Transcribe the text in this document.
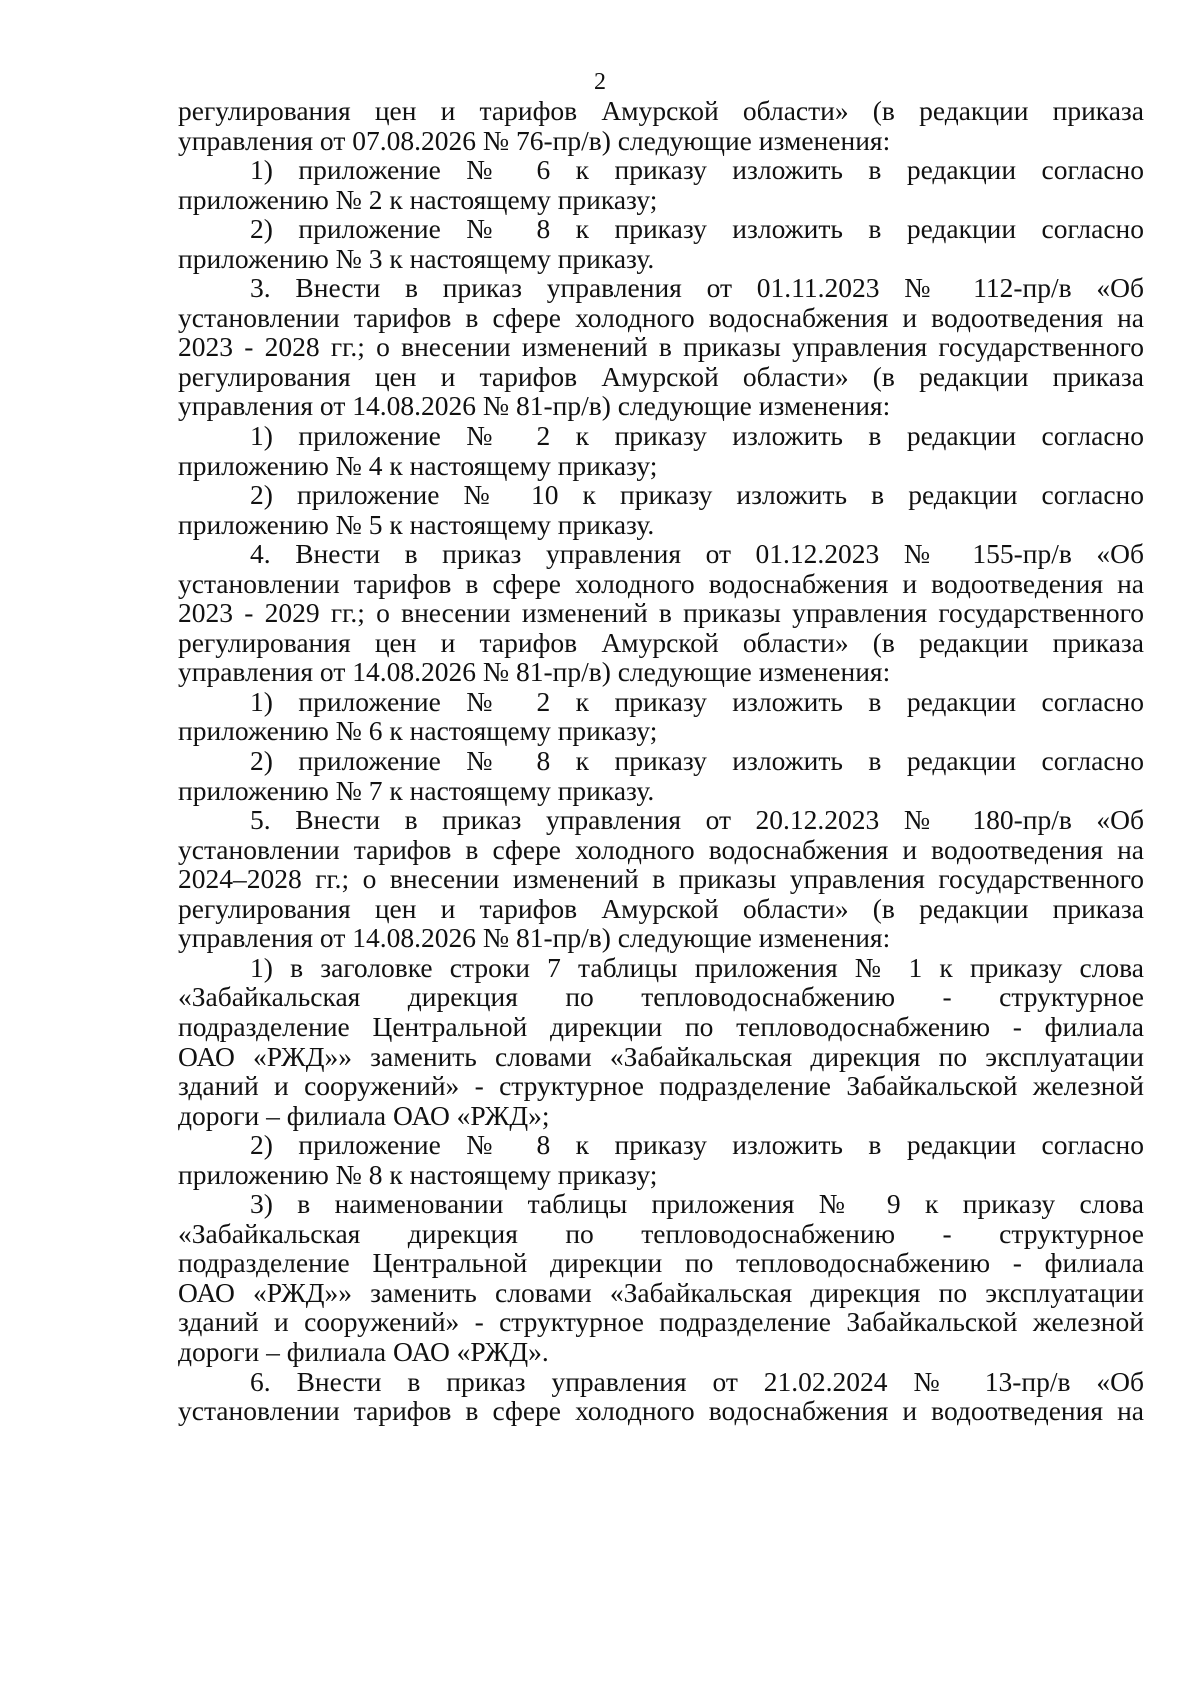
2
регулирования цен и тарифов Амурской области» (в редакции приказа
управления от 07.08.2026 № 76-пр/в) следующие изменения:
1) приложение № 6 к приказу изложить в редакции согласно
приложению № 2 к настоящему приказу;
2) приложение № 8 к приказу изложить в редакции согласно
приложению № 3 к настоящему приказу.
3. Внести в приказ управления от 01.11.2023 № 112-пр/в «Об
установлении тарифов в сфере холодного водоснабжения и водоотведения на
2023 - 2028 гг.; о внесении изменений в приказы управления государственного
регулирования цен и тарифов Амурской области» (в редакции приказа
управления от 14.08.2026 № 81-пр/в) следующие изменения:
1) приложение № 2 к приказу изложить в редакции согласно
приложению № 4 к настоящему приказу;
2) приложение № 10 к приказу изложить в редакции согласно
приложению № 5 к настоящему приказу.
4. Внести в приказ управления от 01.12.2023 № 155-пр/в «Об
установлении тарифов в сфере холодного водоснабжения и водоотведения на
2023 - 2029 гг.; о внесении изменений в приказы управления государственного
регулирования цен и тарифов Амурской области» (в редакции приказа
управления от 14.08.2026 № 81-пр/в) следующие изменения:
1) приложение № 2 к приказу изложить в редакции согласно
приложению № 6 к настоящему приказу;
2) приложение № 8 к приказу изложить в редакции согласно
приложению № 7 к настоящему приказу.
5. Внести в приказ управления от 20.12.2023 № 180-пр/в «Об
установлении тарифов в сфере холодного водоснабжения и водоотведения на
2024–2028 гг.; о внесении изменений в приказы управления государственного
регулирования цен и тарифов Амурской области» (в редакции приказа
управления от 14.08.2026 № 81-пр/в) следующие изменения:
1) в заголовке строки 7 таблицы приложения № 1 к приказу слова
«Забайкальская дирекция по тепловодоснабжению - структурное
подразделение Центральной дирекции по тепловодоснабжению - филиала
ОАО «РЖД»» заменить словами «Забайкальская дирекция по эксплуатации
зданий и сооружений» - структурное подразделение Забайкальской железной
дороги – филиала ОАО «РЖД»;
2) приложение № 8 к приказу изложить в редакции согласно
приложению № 8 к настоящему приказу;
3) в наименовании таблицы приложения № 9 к приказу слова
«Забайкальская дирекция по тепловодоснабжению - структурное
подразделение Центральной дирекции по тепловодоснабжению - филиала
ОАО «РЖД»» заменить словами «Забайкальская дирекция по эксплуатации
зданий и сооружений» - структурное подразделение Забайкальской железной
дороги – филиала ОАО «РЖД».
6. Внести в приказ управления от 21.02.2024 № 13-пр/в «Об
установлении тарифов в сфере холодного водоснабжения и водоотведения на
